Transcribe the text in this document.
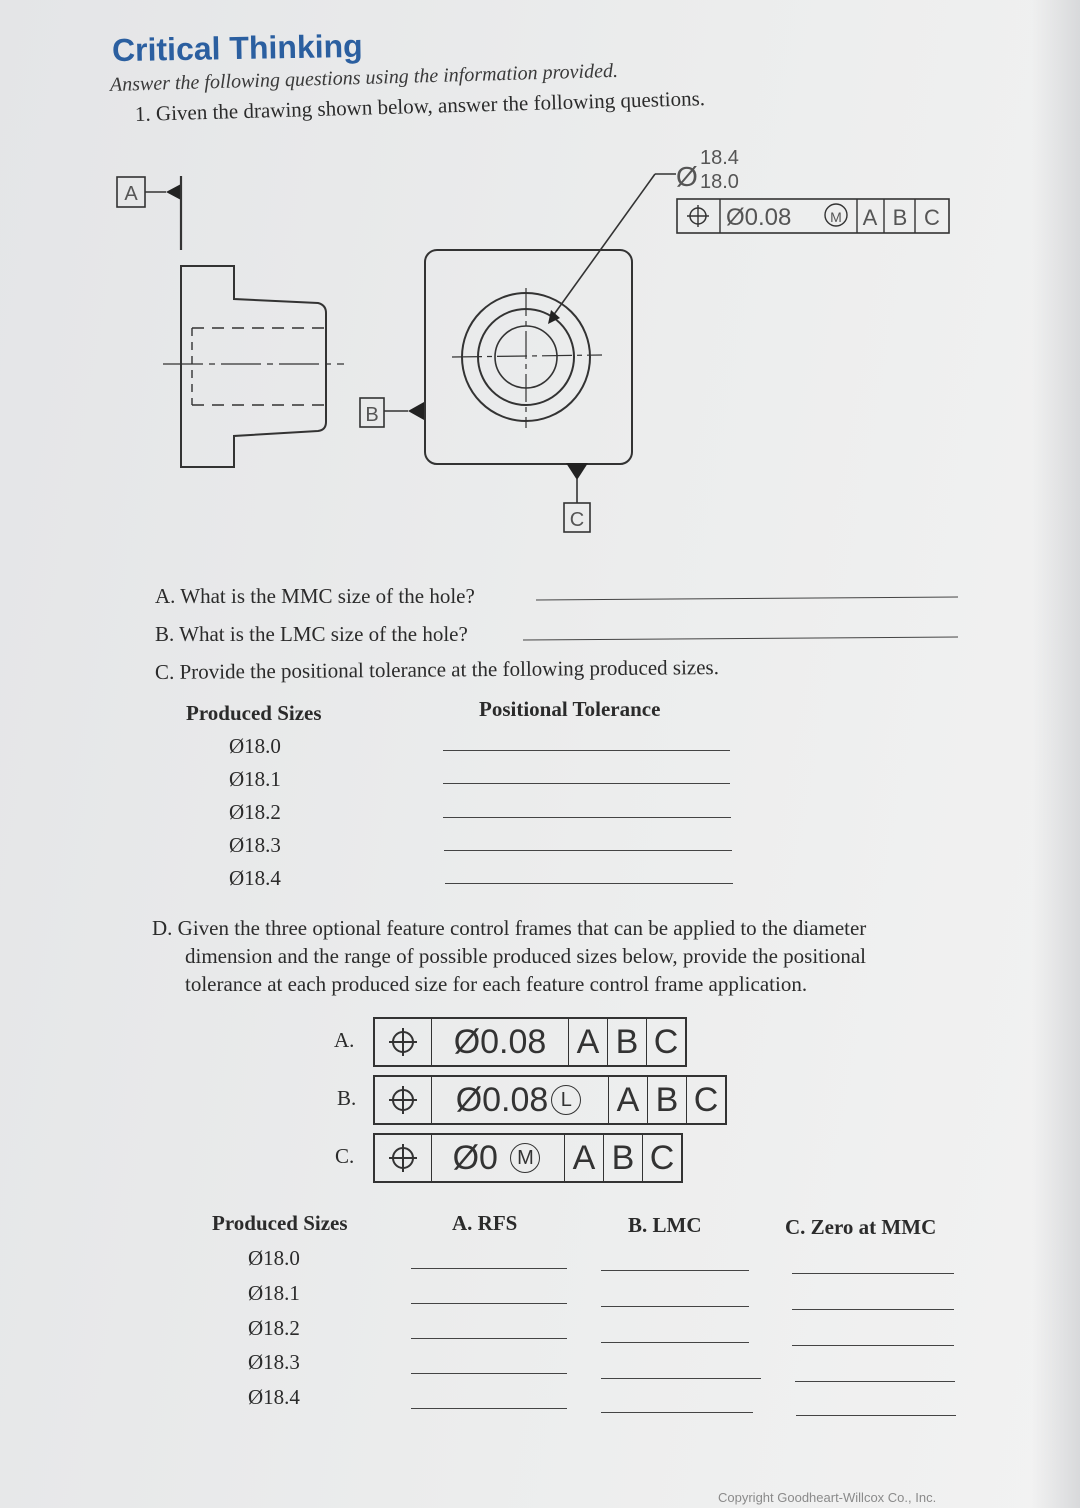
Critical Thinking
Answer the following questions using the information provided.
1. Given the drawing shown below, answer the following questions.
A
B
C
Ø
18.4
18.0
Ø0.08	M A B C
A. What is the MMC size of the hole?
B. What is the LMC size of the hole?
C. Provide the positional tolerance at the following produced sizes.
Produced Sizes	Positional Tolerance
Ø18.0
Ø18.1
Ø18.2
Ø18.3
Ø18.4
D. Given the three optional feature control frames that can be applied to the diameter
dimension and the range of possible produced sizes below, provide the positional
tolerance at each produced size for each feature control frame application.
A.	Ø0.08 A B C
B.	Ø0.08 L A B C
C.	Ø0
M A B C
Produced Sizes	A. RFS	B. LMC	C. Zero at MMC
Ø18.0
Ø18.1
Ø18.2
Ø18.3
Ø18.4
Copyright Goodheart-Willcox Co., Inc.
